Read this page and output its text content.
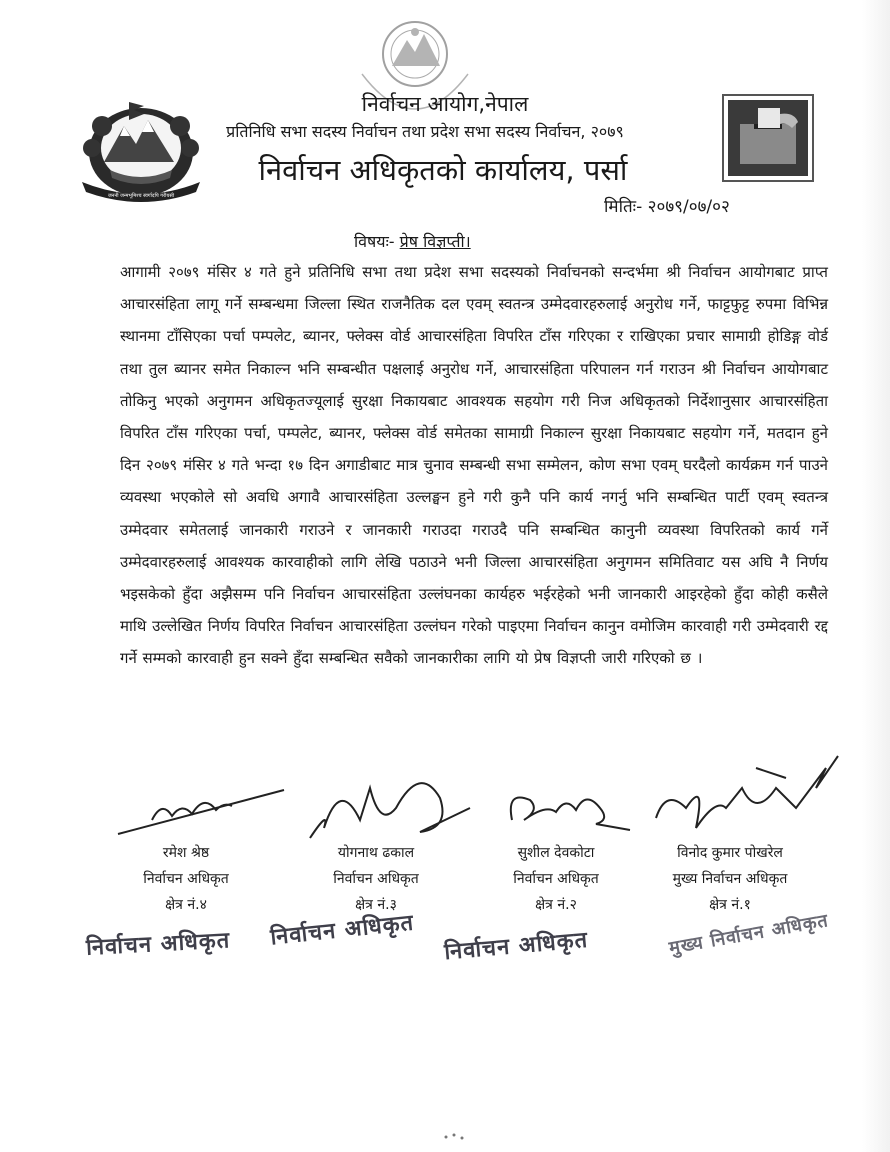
जननी जन्मभूमिश्च स्वर्गादपि गरीयसी
निर्वाचन आयोग,नेपाल
प्रतिनिधि सभा सदस्य निर्वाचन तथा प्रदेश सभा सदस्य निर्वाचन, २०७९
निर्वाचन अधिकृतको कार्यालय, पर्सा
मितिः- २०७९/०७/०२
विषयः- प्रेष विज्ञप्ती।
आगामी २०७९ मंसिर ४ गते हुने प्रतिनिधि सभा तथा प्रदेश सभा सदस्यको निर्वाचनको सन्दर्भमा श्री निर्वाचन आयोगबाट प्राप्त आचारसंहिता लागू गर्ने सम्बन्धमा जिल्ला स्थित राजनैतिक दल एवम् स्वतन्त्र उम्मेदवारहरुलाई अनुरोध गर्ने, फाट्टफुट्ट रुपमा विभिन्न स्थानमा टाँसिएका पर्चा पम्पलेट, ब्यानर, फ्लेक्स वोर्ड आचारसंहिता विपरित टाँस गरिएका र राखिएका प्रचार सामाग्री होडिङ्ग वोर्ड तथा तुल ब्यानर समेत निकाल्न भनि सम्बन्धीत पक्षलाई अनुरोध गर्ने, आचारसंहिता परिपालन गर्न गराउन श्री निर्वाचन आयोगबाट तोकिनु भएको अनुगमन अधिकृतज्यूलाई सुरक्षा निकायबाट आवश्यक सहयोग गरी निज अधिकृतको निर्देशानुसार आचारसंहिता विपरित टाँस गरिएका पर्चा, पम्पलेट, ब्यानर, फ्लेक्स वोर्ड समेतका सामाग्री निकाल्न सुरक्षा निकायबाट सहयोग गर्ने, मतदान हुने दिन २०७९ मंसिर ४ गते भन्दा १७ दिन अगाडीबाट मात्र चुनाव सम्बन्धी सभा सम्मेलन, कोण सभा एवम् घरदैलो कार्यक्रम गर्न पाउने व्यवस्था भएकोले सो अवधि अगावै आचारसंहिता उल्लङ्घन हुने गरी कुनै पनि कार्य नगर्नु भनि सम्बन्धित पार्टी एवम् स्वतन्त्र उम्मेदवार समेतलाई जानकारी गराउने र जानकारी गराउदा गराउदै पनि सम्बन्धित कानुनी व्यवस्था विपरितको कार्य गर्ने उम्मेदवारहरुलाई आवश्यक कारवाहीको लागि लेखि पठाउने भनी जिल्ला आचारसंहिता अनुगमन समितिवाट यस अघि नै निर्णय भइसकेको हुँदा अझैसम्म पनि निर्वाचन आचारसंहिता उल्लंघनका कार्यहरु भईरहेको भनी जानकारी आइरहेको हुँदा कोही कसैले माथि उल्लेखित निर्णय विपरित निर्वाचन आचारसंहिता उल्लंघन गरेको पाइएमा निर्वाचन कानुन वमोजिम कारवाही गरी उम्मेदवारी रद्द गर्ने सम्मको कारवाही हुन सक्ने हुँदा सम्बन्धित सवैको जानकारीका लागि यो प्रेष विज्ञप्ती जारी गरिएको छ ।
रमेश श्रेष्ठ
निर्वाचन अधिकृत
क्षेत्र नं.४
योगनाथ ढकाल
निर्वाचन अधिकृत
क्षेत्र नं.३
सुशील देवकोटा
निर्वाचन अधिकृत
क्षेत्र नं.२
विनोद कुमार पोखरेल
मुख्य निर्वाचन अधिकृत
क्षेत्र नं.१
निर्वाचन अधिकृत निर्वाचन अधिकृत निर्वाचन अधिकृत	मुख्य निर्वाचन अधिकृत
